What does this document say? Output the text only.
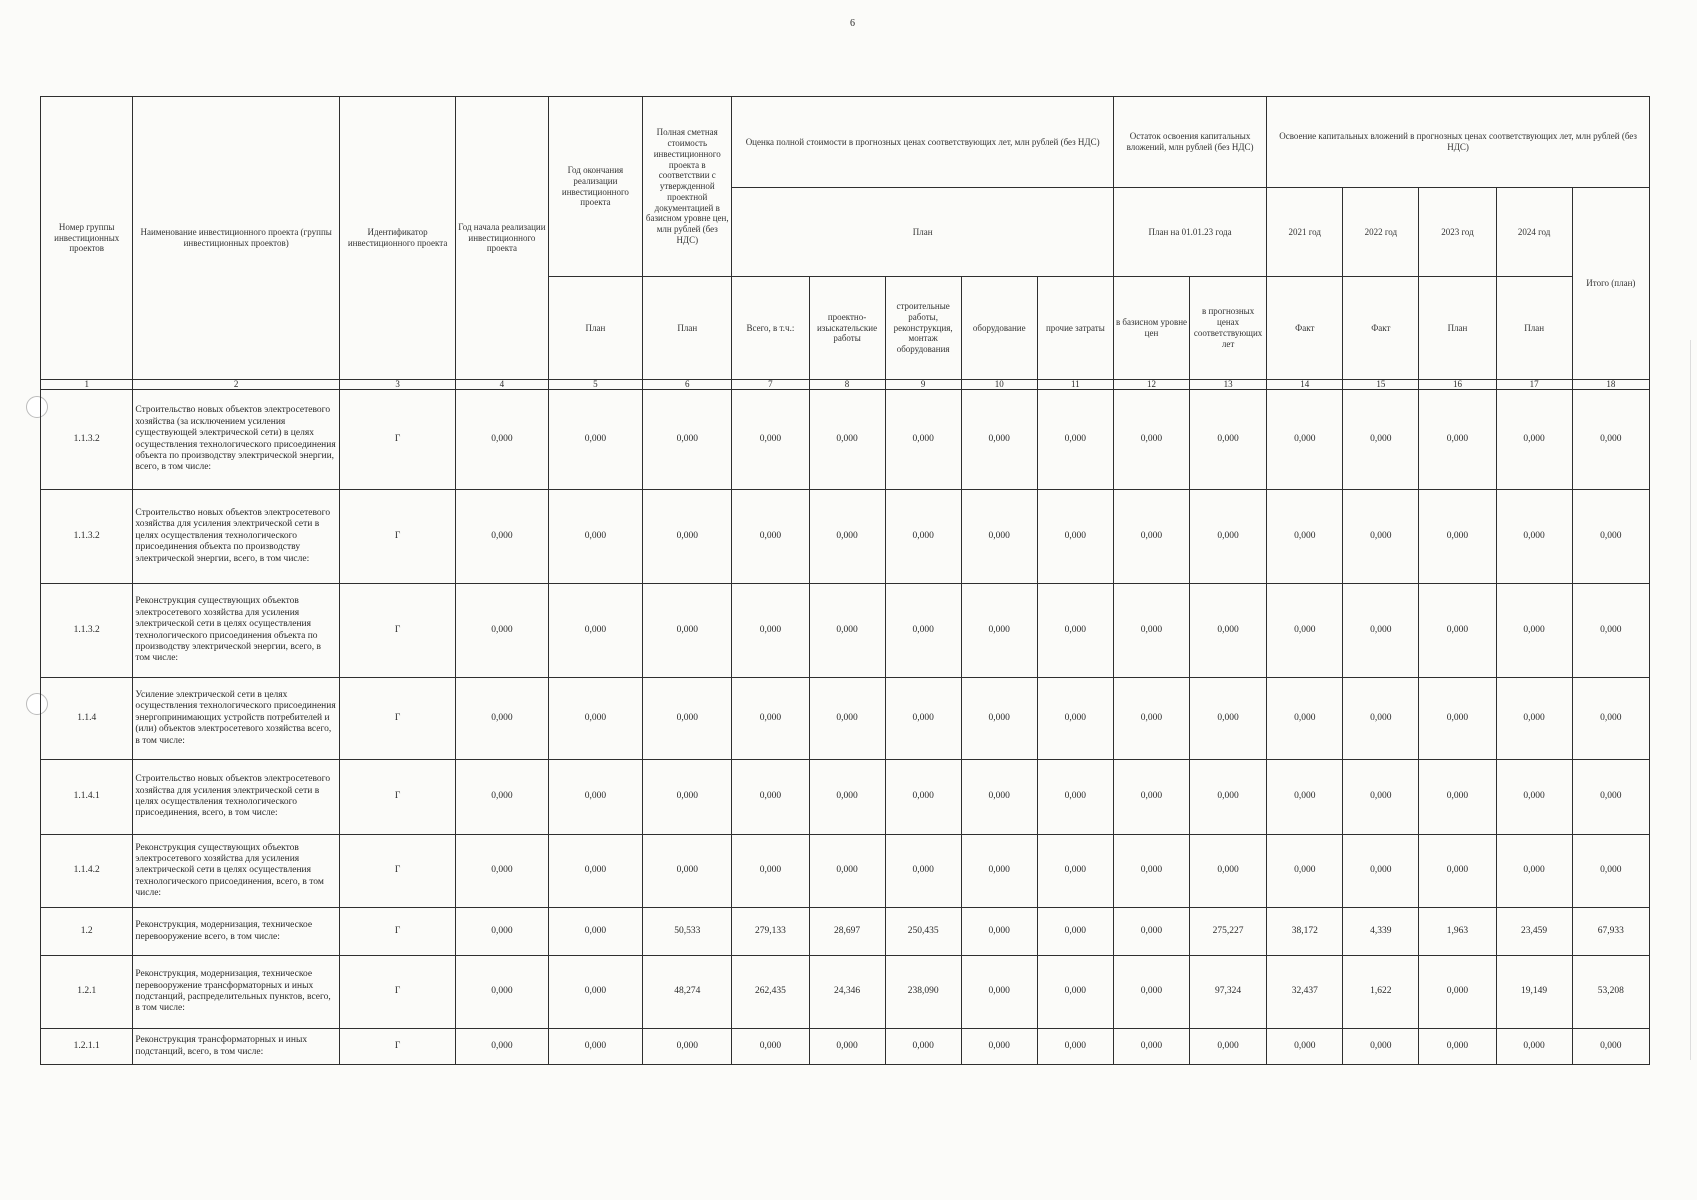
6
Номер группы инвестиционных проектов	Наименование инвестиционного проекта (группы инвестиционных проектов)	Идентификатор инвестиционного проекта	Год начала реализации инвестиционного проекта	Год окончания реализации инвестиционного проекта	Полная сметная стоимость инвестиционного проекта в соответствии с утвержденной проектной документацией в базисном уровне цен, млн рублей (без НДС)	Оценка полной стоимости в прогнозных ценах соответствующих лет, млн рублей (без НДС)					Остаток освоения капитальных вложений, млн рублей (без НДС)		Освоение капитальных вложений в прогнозных ценах соответствующих лет, млн рублей (без НДС)				
						План					План на 01.01.23 года		2021 год	2022 год	2023 год	2024 год	Итого (план)
				План	План	Всего, в т.ч.:	проектно-изыскательские работы	строительные работы, реконструкция, монтаж оборудования	оборудование	прочие затраты	в базисном уровне цен	в прогнозных ценах соответствующих лет	Факт	Факт	План	План	
1	2	3	4	5	6	7	8	9	10	11	12	13	14	15	16	17	18
1.1.3.2	Строительство новых объектов электросетевого хозяйства (за исключением усиления существующей электрической сети) в целях осуществления технологического присоединения объекта по производству электрической энергии, всего, в том числе:	Г	0,000	0,000	0,000	0,000	0,000	0,000	0,000	0,000	0,000	0,000	0,000	0,000	0,000	0,000	0,000
1.1.3.2	Строительство новых объектов электросетевого хозяйства для усиления электрической сети в целях осуществления технологического присоединения объекта по производству электрической энергии, всего, в том числе:	Г	0,000	0,000	0,000	0,000	0,000	0,000	0,000	0,000	0,000	0,000	0,000	0,000	0,000	0,000	0,000
1.1.3.2	Реконструкция существующих объектов электросетевого хозяйства для усиления электрической сети в целях осуществления технологического присоединения объекта по производству электрической энергии, всего, в том числе:	Г	0,000	0,000	0,000	0,000	0,000	0,000	0,000	0,000	0,000	0,000	0,000	0,000	0,000	0,000	0,000
1.1.4	Усиление электрической сети в целях осуществления технологического присоединения энергопринимающих устройств потребителей и (или) объектов электросетевого хозяйства всего, в том числе:	Г	0,000	0,000	0,000	0,000	0,000	0,000	0,000	0,000	0,000	0,000	0,000	0,000	0,000	0,000	0,000
1.1.4.1	Строительство новых объектов электросетевого хозяйства для усиления электрической сети в целях осуществления технологического присоединения, всего, в том числе:	Г	0,000	0,000	0,000	0,000	0,000	0,000	0,000	0,000	0,000	0,000	0,000	0,000	0,000	0,000	0,000
1.1.4.2	Реконструкция существующих объектов электросетевого хозяйства для усиления электрической сети в целях осуществления технологического присоединения, всего, в том числе:	Г	0,000	0,000	0,000	0,000	0,000	0,000	0,000	0,000	0,000	0,000	0,000	0,000	0,000	0,000	0,000
1.2	Реконструкция, модернизация, техническое перевооружение всего, в том числе:	Г	0,000	0,000	50,533	279,133	28,697	250,435	0,000	0,000	0,000	275,227	38,172	4,339	1,963	23,459	67,933
1.2.1	Реконструкция, модернизация, техническое перевооружение трансформаторных и иных подстанций, распределительных пунктов, всего, в том числе:	Г	0,000	0,000	48,274	262,435	24,346	238,090	0,000	0,000	0,000	97,324	32,437	1,622	0,000	19,149	53,208
1.2.1.1	Реконструкция трансформаторных и иных подстанций, всего, в том числе:	Г	0,000	0,000	0,000	0,000	0,000	0,000	0,000	0,000	0,000	0,000	0,000	0,000	0,000	0,000	0,000
